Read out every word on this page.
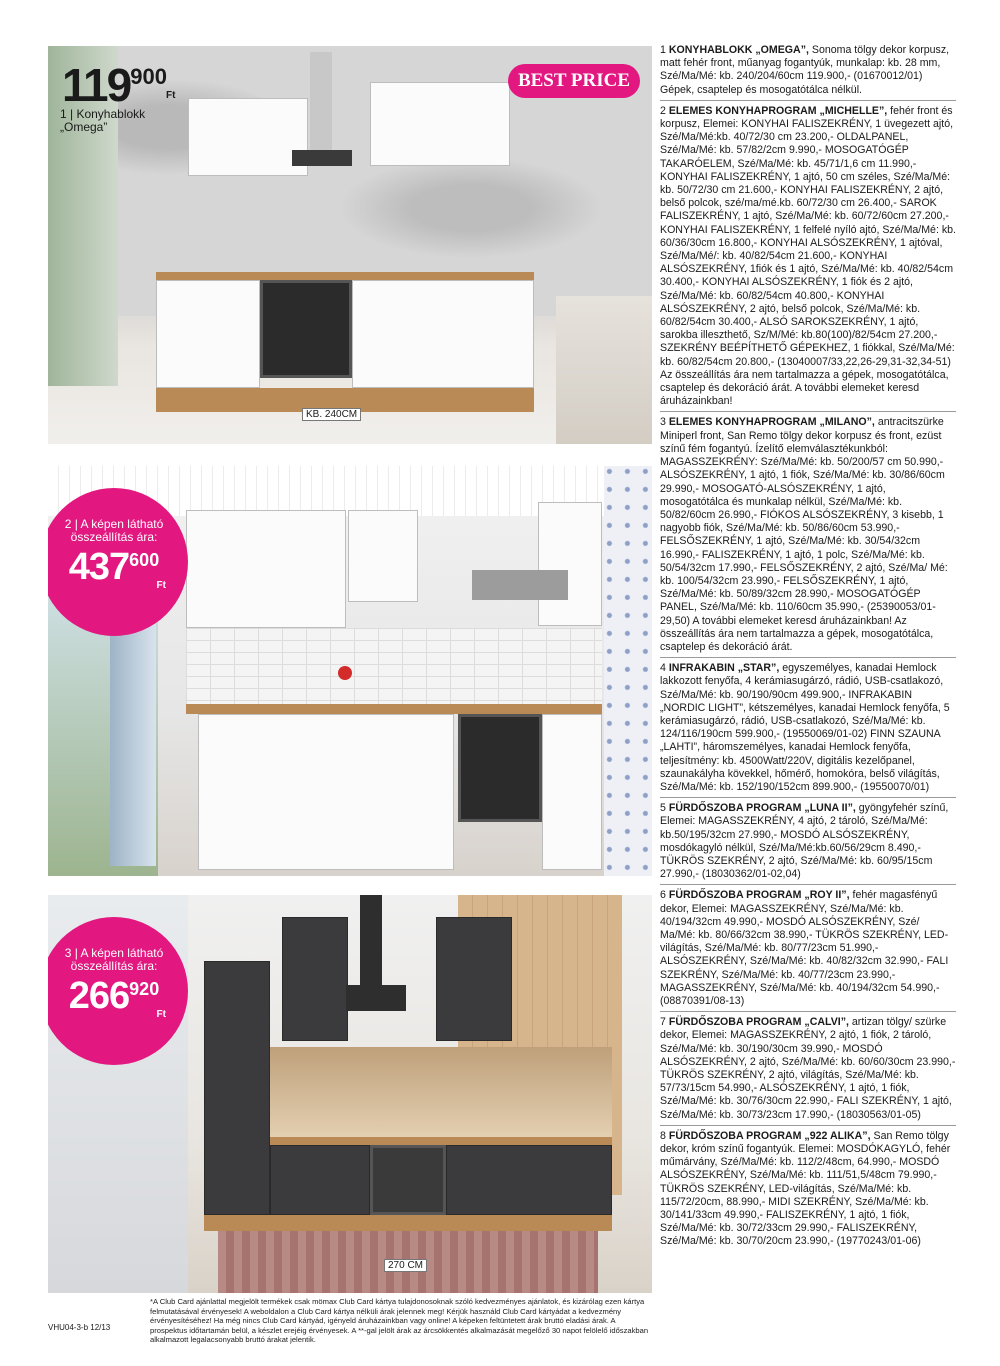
$119^{900}$
Ft
1 | Konyhablokk „Omega”
BEST PRICE
KB. 240CM
2 | A képen látható összeállítás ára:
$437^{600}$
Ft
3 | A képen látható összeállítás ára:
$266^{920}$
Ft
270 CM
1 KONYHABLOKK „OMEGA”, Sonoma tölgy dekor korpusz, matt fehér front, műanyag fogantyúk, munkalap: kb. 28 mm, Szé/Ma/Mé: kb. 240/204/60cm 119.900,- (01670012/01) Gépek, csaptelep és mosogatótálca nélkül.
2 ELEMES KONYHAPROGRAM „MICHELLE”, fehér front és korpusz, Elemei: KONYHAI FALISZEKRÉNY, 1 üvegezett ajtó, Szé/Ma/Mé:kb. 40/72/30 cm 23.200,- OLDALPANEL, Szé/Ma/Mé: kb. 57/82/2cm 9.990,- MOSOGATÓGÉP TAKARÓELEM, Szé/Ma/Mé: kb. 45/71/1,6 cm 11.990,- KONYHAI FALISZEKRÉNY, 1 ajtó, 50 cm széles, Szé/Ma/Mé: kb. 50/72/30 cm 21.600,- KONYHAI FALISZEKRÉNY, 2 ajtó, belső polcok, szé/ma/mé.kb. 60/72/30 cm 26.400,- SAROK FALISZEKRÉNY, 1 ajtó, Szé/Ma/Mé: kb. 60/72/60cm 27.200,- KONYHAI FALISZEKRÉNY, 1 felfelé nyíló ajtó, Szé/Ma/Mé: kb. 60/36/30cm 16.800,- KONYHAI ALSÓSZEKRÉNY, 1 ajtóval, Szé/Ma/Mé/: kb. 40/82/54cm 21.600,- KONYHAI ALSÓSZEKRÉNY, 1fiók és 1 ajtó, Szé/Ma/Mé: kb. 40/82/54cm 30.400,- KONYHAI ALSÓSZEKRÉNY, 1 fiók és 2 ajtó, Szé/Ma/Mé: kb. 60/82/54cm 40.800,- KONYHAI ALSÓSZEKRÉNY, 2 ajtó, belső polcok, Szé/Ma/Mé: kb. 60/82/54cm 30.400,- ALSÓ SAROKSZEKRÉNY, 1 ajtó, sarokba illeszthető, Sz/M/Mé: kb.80(100)/82/54cm 27.200,- SZEKRÉNY BEÉPÍTHETŐ GÉPEKHEZ, 1 fiókkal, Szé/Ma/Mé: kb. 60/82/54cm 20.800,- (13040007/33,22,26-29,31-32,34-51) Az összeállítás ára nem tartalmazza a gépek, mosogatótálca, csaptelep és dekoráció árát. A további elemeket keresd áruházainkban!
3 ELEMES KONYHAPROGRAM „MILANO”, antracitszürke Miniperl front, San Remo tölgy dekor korpusz és front, ezüst színű fém fogantyú. Ízelítő elemválasztékunkból: MAGASSZEKRÉNY: Szé/Ma/Mé: kb. 50/200/57 cm 50.990,- ALSÓSZEKRÉNY, 1 ajtó, 1 fiók, Szé/Ma/Mé: kb. 30/86/60cm 29.990,- MOSOGATÓ-ALSÓSZEKRÉNY, 1 ajtó, mosogatótálca és munkalap nélkül, Szé/Ma/Mé: kb. 50/82/60cm 26.990,- FIÓKOS ALSÓSZEKRÉNY, 3 kisebb, 1 nagyobb fiók, Szé/Ma/Mé: kb. 50/86/60cm 53.990,- FELSŐSZEKRÉNY, 1 ajtó, Szé/Ma/Mé: kb. 30/54/32cm 16.990,- FALISZEKRÉNY, 1 ajtó, 1 polc, Szé/Ma/Mé: kb. 50/54/32cm 17.990,- FELSŐSZEKRÉNY, 2 ajtó, Szé/Ma/ Mé: kb. 100/54/32cm 23.990,- FELSŐSZEKRÉNY, 1 ajtó, Szé/Ma/Mé: kb. 50/89/32cm 28.990,- MOSOGATÓGÉP PANEL, Szé/Ma/Mé: kb. 110/60cm 35.990,- (25390053/01-29,50) A további elemeket keresd áruházainkban! Az összeállítás ára nem tartalmazza a gépek, mosogatótálca, csaptelep és dekoráció árát.
4 INFRAKABIN „STAR”, egyszemélyes, kanadai Hemlock lakkozott fenyőfa, 4 kerámiasugárzó, rádió, USB-csatlakozó, Szé/Ma/Mé: kb. 90/190/90cm 499.900,- INFRAKABIN „NORDIC LIGHT”, kétszemélyes, kanadai Hemlock fenyőfa, 5 kerámiasugárzó, rádió, USB-csatlakozó, Szé/Ma/Mé: kb. 124/116/190cm 599.900,- (19550069/01-02) FINN SZAUNA „LAHTI”, háromszemélyes, kanadai Hemlock fenyőfa, teljesítmény: kb. 4500Watt/220V, digitális kezelőpanel, szaunakályha kövekkel, hőmérő, homokóra, belső világítás, Szé/Ma/Mé: kb. 152/190/152cm 899.900,- (19550070/01)
5 FÜRDŐSZOBA PROGRAM „LUNA II”, gyöngyfehér színű, Elemei: MAGASSZEKRÉNY, 4 ajtó, 2 tároló, Szé/Ma/Mé: kb.50/195/32cm 27.990,- MOSDÓ ALSÓSZEKRÉNY, mosdókagyló nélkül, Szé/Ma/Mé:kb.60/56/29cm 8.490,- TÜKRÖS SZEKRÉNY, 2 ajtó, Szé/Ma/Mé: kb. 60/95/15cm 27.990,- (18030362/01-02,04)
6 FÜRDŐSZOBA PROGRAM „ROY II”, fehér magasfényű dekor, Elemei: MAGASSZEKRÉNY, Szé/Ma/Mé: kb. 40/194/32cm 49.990,- MOSDÓ ALSÓSZEKRÉNY, Szé/ Ma/Mé: kb. 80/66/32cm 38.990,- TÜKRÖS SZEKRÉNY, LED-világítás, Szé/Ma/Mé: kb. 80/77/23cm 51.990,- ALSÓSZEKRÉNY, Szé/Ma/Mé: kb. 40/82/32cm 32.990,- FALI SZEKRÉNY, Szé/Ma/Mé: kb. 40/77/23cm 23.990,- MAGASSZEKRÉNY, Szé/Ma/Mé: kb. 40/194/32cm 54.990,- (08870391/08-13)
7 FÜRDŐSZOBA PROGRAM „CALVI”, artizan tölgy/ szürke dekor, Elemei: MAGASSZEKRÉNY, 2 ajtó, 1 fiók, 2 tároló, Szé/Ma/Mé: kb. 30/190/30cm 39.990,- MOSDÓ ALSÓSZEKRÉNY, 2 ajtó, Szé/Ma/Mé: kb. 60/60/30cm 23.990,- TÜKRÖS SZEKRÉNY, 2 ajtó, világítás, Szé/Ma/Mé: kb. 57/73/15cm 54.990,- ALSÓSZEKRÉNY, 1 ajtó, 1 fiók, Szé/Ma/Mé: kb. 30/76/30cm 22.990,- FALI SZEKRÉNY, 1 ajtó, Szé/Ma/Mé: kb. 30/73/23cm 17.990,- (18030563/01-05)
8 FÜRDŐSZOBA PROGRAM „922 ALIKA”, San Remo tölgy dekor, króm színű fogantyúk. Elemei: MOSDÓKAGYLÓ, fehér műmárvány, Szé/Ma/Mé: kb. 112/2/48cm, 64.990,- MOSDÓ ALSÓSZEKRÉNY, Szé/Ma/Mé: kb. 111/51,5/48cm 79.990,- TÜKRÖS SZEKRÉNY, LED-világítás, Szé/Ma/Mé: kb. 115/72/20cm, 88.990,- MIDI SZEKRÉNY, Szé/Ma/Mé: kb. 30/141/33cm 49.990,- FALISZEKRÉNY, 1 ajtó, 1 fiók, Szé/Ma/Mé: kb. 30/72/33cm 29.990,- FALISZEKRÉNY, Szé/Ma/Mé: kb. 30/70/20cm 23.990,- (19770243/01-06)
VHU04-3-b 12/13
*A Club Card ajánlattal megjelölt termékek csak mömax Club Card kártya tulajdonosoknak szóló kedvezményes ajánlatok, és kizárólag ezen kártya felmutatásával érvényesek! A weboldalon a Club Card kártya nélküli árak jelennek meg! Kérjük használd Club Card kártyádat a kedvezmény érvényesítéséhez! Ha még nincs Club Card kártyád, igényeld áruházainkban vagy online! A képeken feltüntetett árak bruttó eladási árak. A prospektus időtartamán belül, a készlet erejéig érvényesek. A **-gal jelölt árak az árcsökkentés alkalmazását megelőző 30 napot felölelő időszakban alkalmazott legalacsonyabb bruttó árakat jelentik.
